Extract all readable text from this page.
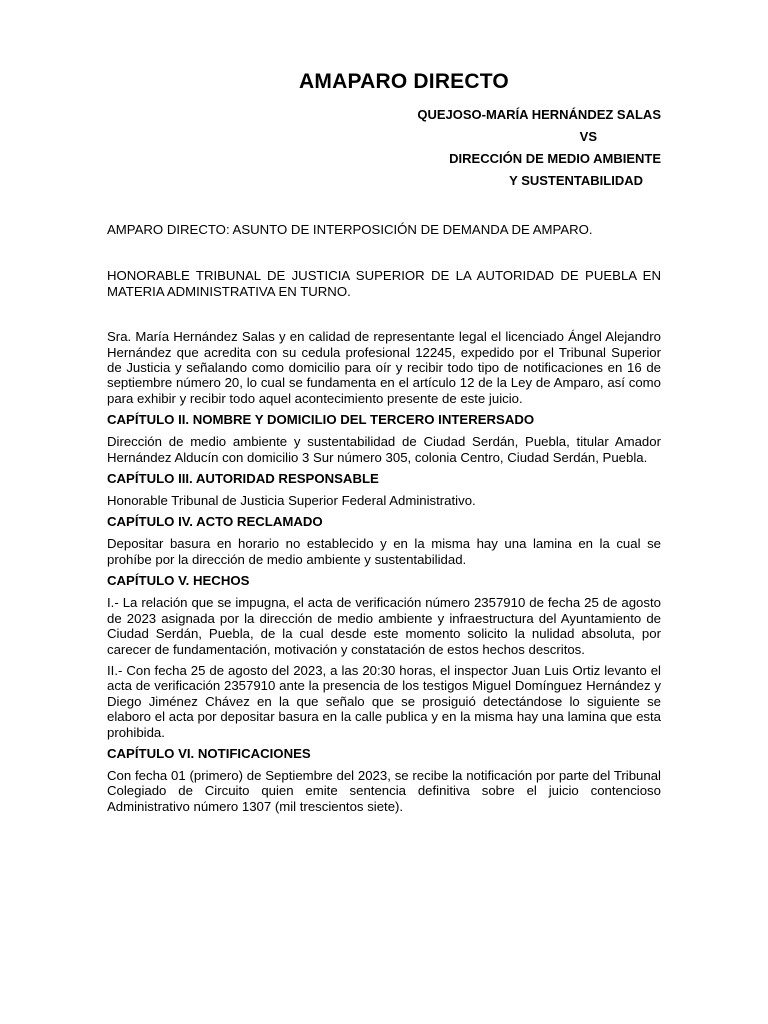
AMAPARO DIRECTO

QUEJOSO-MARÍA HERNÁNDEZ SALAS

VS

DIRECCIÓN DE MEDIO AMBIENTE

Y SUSTENTABILIDAD

AMPARO DIRECTO: ASUNTO DE INTERPOSICIÓN DE DEMANDA DE AMPARO.

HONORABLE TRIBUNAL DE JUSTICIA SUPERIOR DE LA AUTORIDAD DE PUEBLA EN MATERIA ADMINISTRATIVA EN TURNO.

Sra. María Hernández Salas y en calidad de representante legal el licenciado Ángel Alejandro Hernández que acredita con su cedula profesional 12245, expedido por el Tribunal Superior de Justicia y señalando como domicilio para oír y recibir todo tipo de notificaciones en 16 de septiembre número 20, lo cual se fundamenta en el artículo 12 de la Ley de Amparo, así como para exhibir y recibir todo aquel acontecimiento presente de este juicio.

CAPÍTULO II. NOMBRE Y DOMICILIO DEL TERCERO INTERERSADO

Dirección de medio ambiente y sustentabilidad de Ciudad Serdán, Puebla, titular Amador Hernández Alducín con domicilio 3 Sur número 305, colonia Centro, Ciudad Serdán, Puebla.

CAPÍTULO III. AUTORIDAD RESPONSABLE

Honorable Tribunal de Justicia Superior Federal Administrativo.

CAPÍTULO IV. ACTO RECLAMADO

Depositar basura en horario no establecido y en la misma hay una lamina en la cual se prohíbe por la dirección de medio ambiente y sustentabilidad.

CAPÍTULO V. HECHOS

I.- La relación que se impugna, el acta de verificación número 2357910 de fecha 25 de agosto de 2023 asignada por la dirección de medio ambiente y infraestructura del Ayuntamiento de Ciudad Serdán, Puebla, de la cual desde este momento solicito la nulidad absoluta, por carecer de fundamentación, motivación y constatación de estos hechos descritos.

II.- Con fecha 25 de agosto del 2023, a las 20:30 horas, el inspector Juan Luis Ortiz levanto el acta de verificación 2357910 ante la presencia de los testigos Miguel Domínguez Hernández y Diego Jiménez Chávez en la que señalo que se prosiguió detectándose lo siguiente se elaboro el acta por depositar basura en la calle publica y en la misma hay una lamina que esta prohibida.

CAPÍTULO VI. NOTIFICACIONES

Con fecha 01 (primero) de Septiembre del 2023, se recibe la notificación por parte del Tribunal Colegiado de Circuito quien emite sentencia definitiva sobre el juicio contencioso Administrativo número 1307 (mil trescientos siete).
